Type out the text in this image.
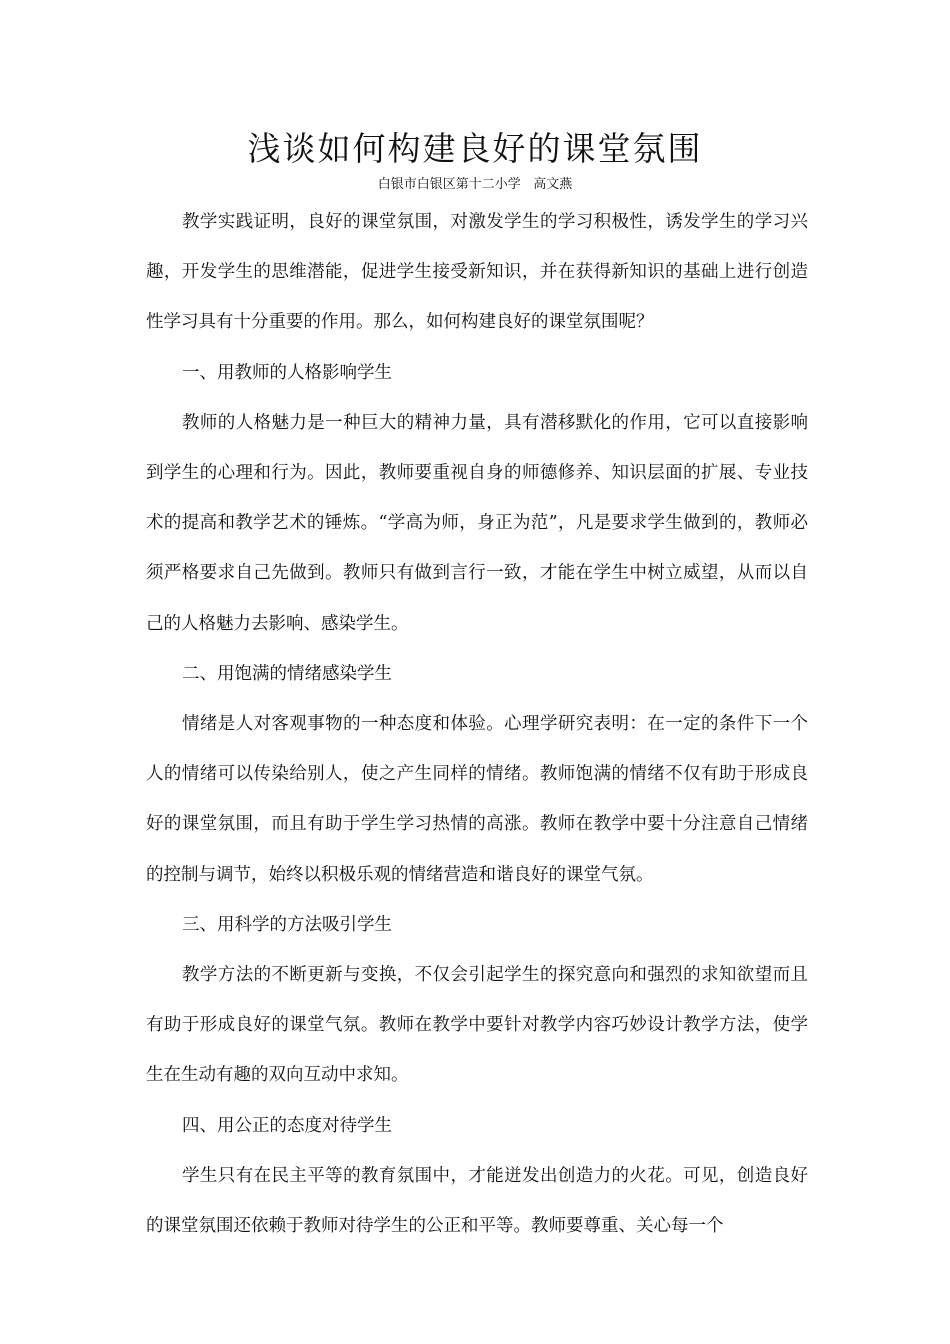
浅谈如何构建良好的课堂氛围
白银市白银区第十二小学   高文燕

教学实践证明，良好的课堂氛围，对激发学生的学习积极性，诱发学生的学习兴趣，开发学生的思维潜能，促进学生接受新知识，并在获得新知识的基础上进行创造性学习具有十分重要的作用。那么，如何构建良好的课堂氛围呢？

一、用教师的人格影响学生

教师的人格魅力是一种巨大的精神力量，具有潜移默化的作用，它可以直接影响到学生的心理和行为。因此，教师要重视自身的师德修养、知识层面的扩展、专业技术的提高和教学艺术的锤炼。“学高为师，身正为范”，凡是要求学生做到的，教师必须严格要求自己先做到。教师只有做到言行一致，才能在学生中树立威望，从而以自己的人格魅力去影响、感染学生。

二、用饱满的情绪感染学生

情绪是人对客观事物的一种态度和体验。心理学研究表明：在一定的条件下一个人的情绪可以传染给别人，使之产生同样的情绪。教师饱满的情绪不仅有助于形成良好的课堂氛围，而且有助于学生学习热情的高涨。教师在教学中要十分注意自己情绪的控制与调节，始终以积极乐观的情绪营造和谐良好的课堂气氛。

三、用科学的方法吸引学生

教学方法的不断更新与变换，不仅会引起学生的探究意向和强烈的求知欲望而且有助于形成良好的课堂气氛。教师在教学中要针对教学内容巧妙设计教学方法，使学生在生动有趣的双向互动中求知。

四、用公正的态度对待学生

学生只有在民主平等的教育氛围中，才能迸发出创造力的火花。可见，创造良好的课堂氛围还依赖于教师对待学生的公正和平等。教师要尊重、关心每一个
